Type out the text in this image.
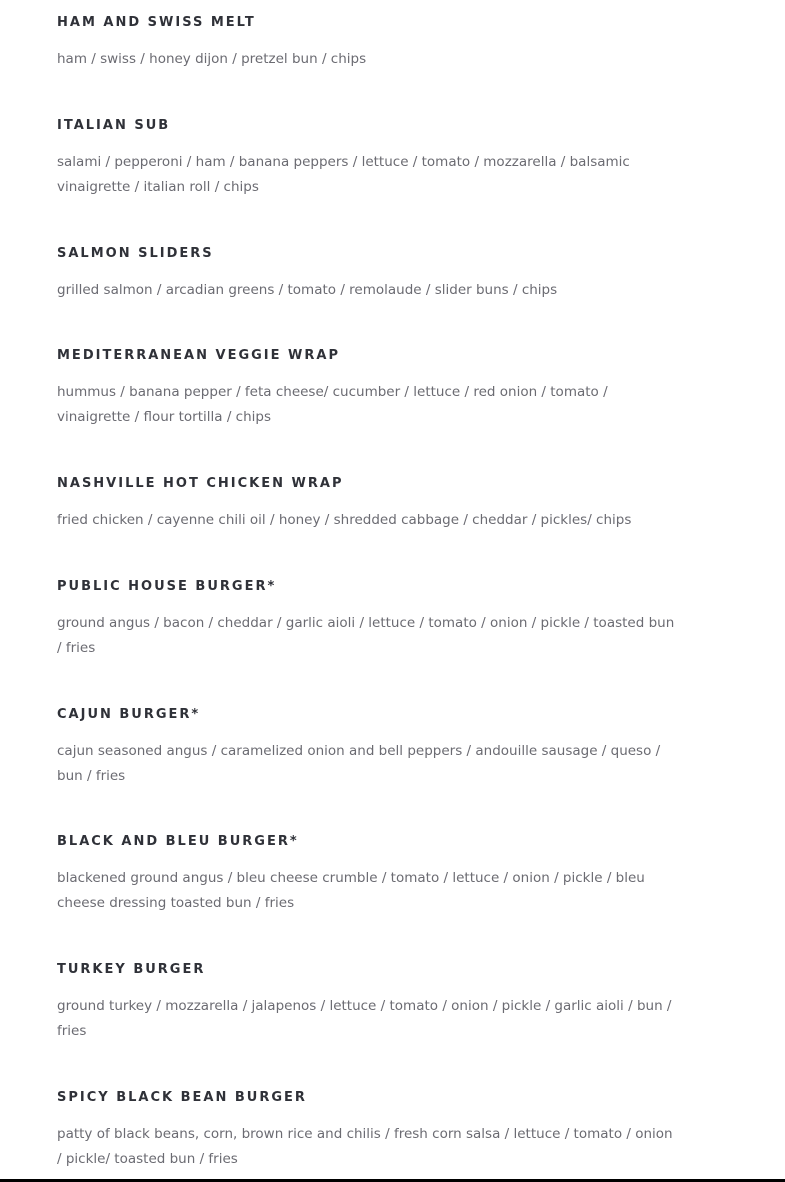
HAM AND SWISS MELT
ham / swiss / honey dijon / pretzel bun / chips
ITALIAN SUB
salami / pepperoni / ham / banana peppers / lettuce / tomato / mozzarella / balsamic vinaigrette / italian roll / chips
SALMON SLIDERS
grilled salmon / arcadian greens / tomato / remolaude / slider buns / chips
MEDITERRANEAN VEGGIE WRAP
hummus / banana pepper / feta cheese/ cucumber / lettuce / red onion / tomato / vinaigrette / flour tortilla / chips
NASHVILLE HOT CHICKEN WRAP
fried chicken / cayenne chili oil / honey / shredded cabbage / cheddar / pickles/ chips
PUBLIC HOUSE BURGER*
ground angus / bacon / cheddar / garlic aioli / lettuce / tomato / onion / pickle / toasted bun / fries
CAJUN BURGER*
cajun seasoned angus / caramelized onion and bell peppers / andouille sausage / queso / bun / fries
BLACK AND BLEU BURGER*
blackened ground angus / bleu cheese crumble / tomato / lettuce / onion / pickle / bleu cheese dressing toasted bun / fries
TURKEY BURGER
ground turkey / mozzarella / jalapenos / lettuce / tomato / onion / pickle / garlic aioli / bun / fries
SPICY BLACK BEAN BURGER
patty of black beans, corn, brown rice and chilis / fresh corn salsa / lettuce / tomato / onion / pickle/ toasted bun / fries
